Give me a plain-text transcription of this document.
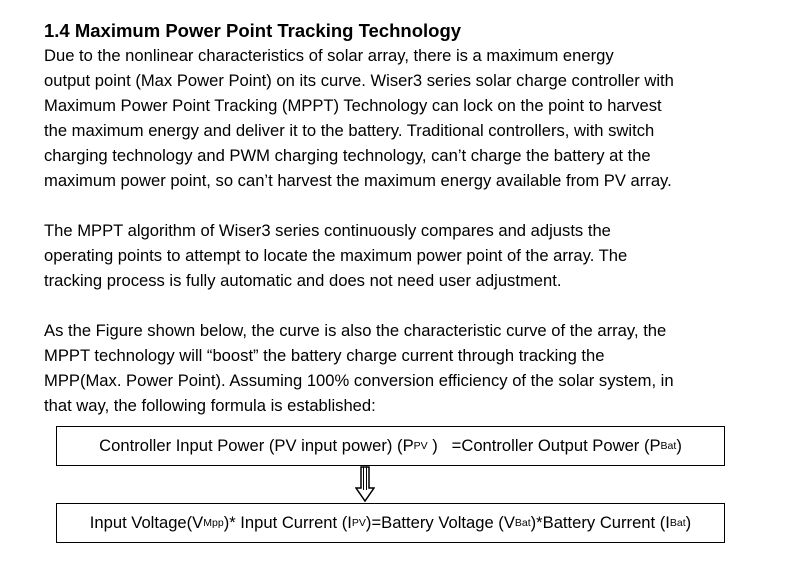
1.4 Maximum Power Point Tracking Technology

Due to the nonlinear characteristics of solar array, there is a maximum energy
output point (Max Power Point) on its curve. Wiser3 series solar charge controller with
Maximum Power Point Tracking (MPPT) Technology can lock on the point to harvest
the maximum energy and deliver it to the battery. Traditional controllers, with switch
charging technology and PWM charging technology, can’t charge the battery at the
maximum power point, so can’t harvest the maximum energy available from PV array.

The MPPT algorithm of Wiser3 series continuously compares and adjusts the
operating points to attempt to locate the maximum power point of the array. The
tracking process is fully automatic and does not need user adjustment.

As the Figure shown below, the curve is also the characteristic curve of the array, the
MPPT technology will “boost” the battery charge current through tracking the
MPP(Max. Power Point). Assuming 100% conversion efficiency of the solar system, in
that way, the following formula is established:

Controller Input Power (PV input power) (P PV )   =Controller Output Power (P Bat )
Input Voltage(V Mpp )* Input Current (I PV )=Battery Voltage (V Bat )*Battery Current (I Bat )
